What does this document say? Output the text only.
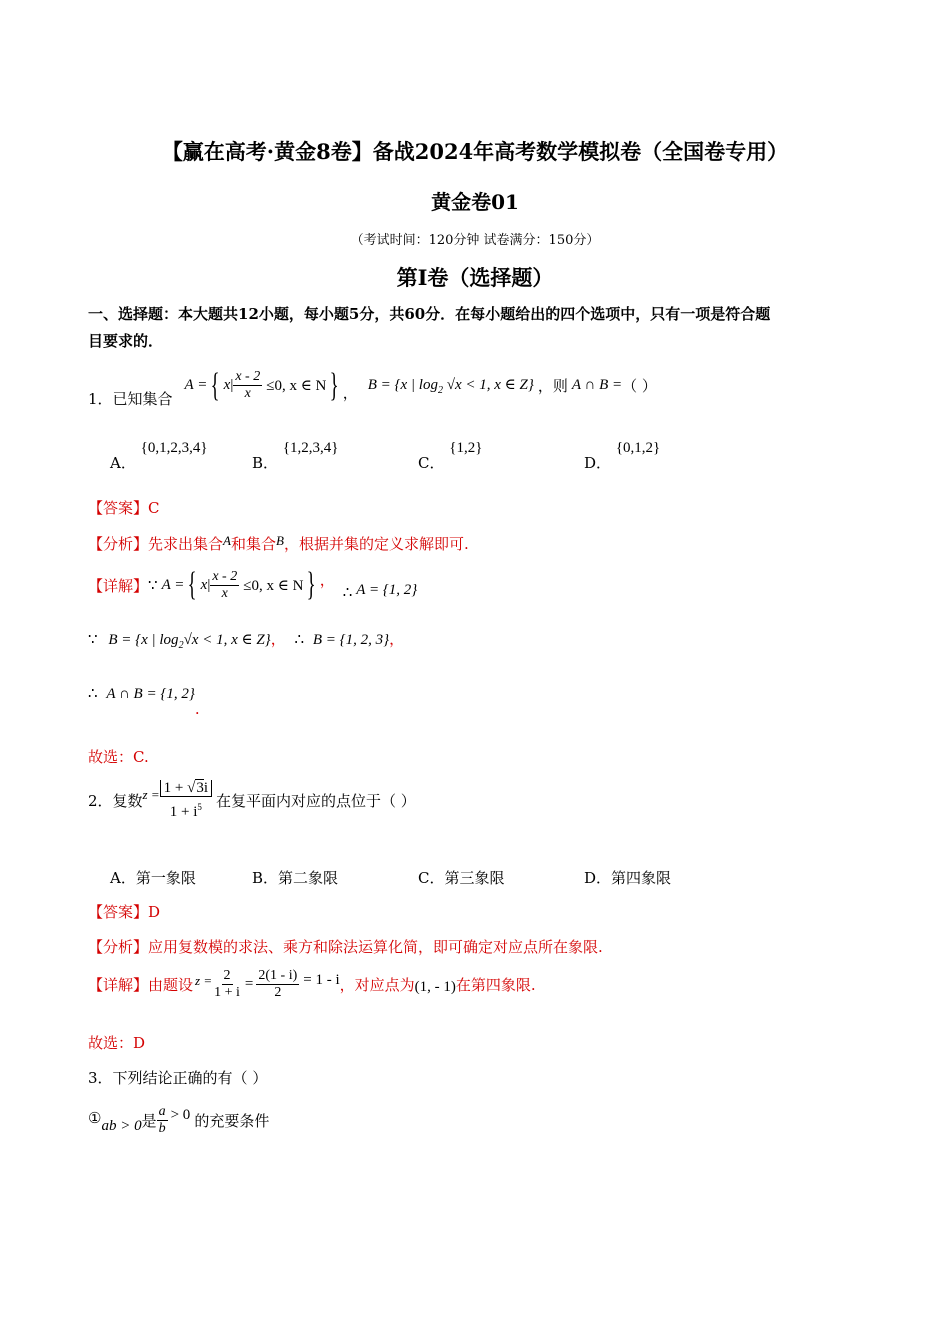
【赢在高考·黄金8卷】备战2024年高考数学模拟卷（全国卷专用）
黄金卷01
（考试时间：120分钟 试卷满分：150分）
第I卷（选择题）
一、选择题：本大题共12小题，每小题5分，共60分．在每小题给出的四个选项中，只有一项是符合题
目要求的．
1．已知集合
A = { x | $\frac{x - 2}{x} \le 0$, x ∈ N } ， B = {x | $\log_2 √x < 1$, x ∈ Z} ，则 A ∩ B = （ ）
A． {0,1,2,3,4}
B． {1,2,3,4}
C． {1,2}
D． {0,1,2}
【答案】C
【分析】先求出集合A和集合B，根据并集的定义求解即可.
【详解】 ∵ A = { x | $\frac{x - 2}{x} \le 0$, x ∈ N } ，
∴ A = {1, 2}
∵ B = {x | $\log_2√x < 1$, x ∈ Z}， ∴ B = {1, 2, 3}，
∴ A ∩ B = {1, 2}.
故选：C.
2．复数 $z = \frac{1 + √3i}{1 + i^5}$ 在复平面内对应的点位于（ ）
A．第一象限	B．第二象限	C．第三象限	D．第四象限
【答案】D
【分析】应用复数模的求法、乘方和除法运算化简，即可确定对应点所在象限.
【详解】 由题设 $z = \frac{2}{1 + i} = \frac{2(1 - i)}{2} = 1 - i$ ，对应点为 (1, - 1) 在第四象限.
故选：D
3．下列结论正确的有（ ）
① ab > 0 是 $\frac{a}{b} > 0$ 的充要条件
